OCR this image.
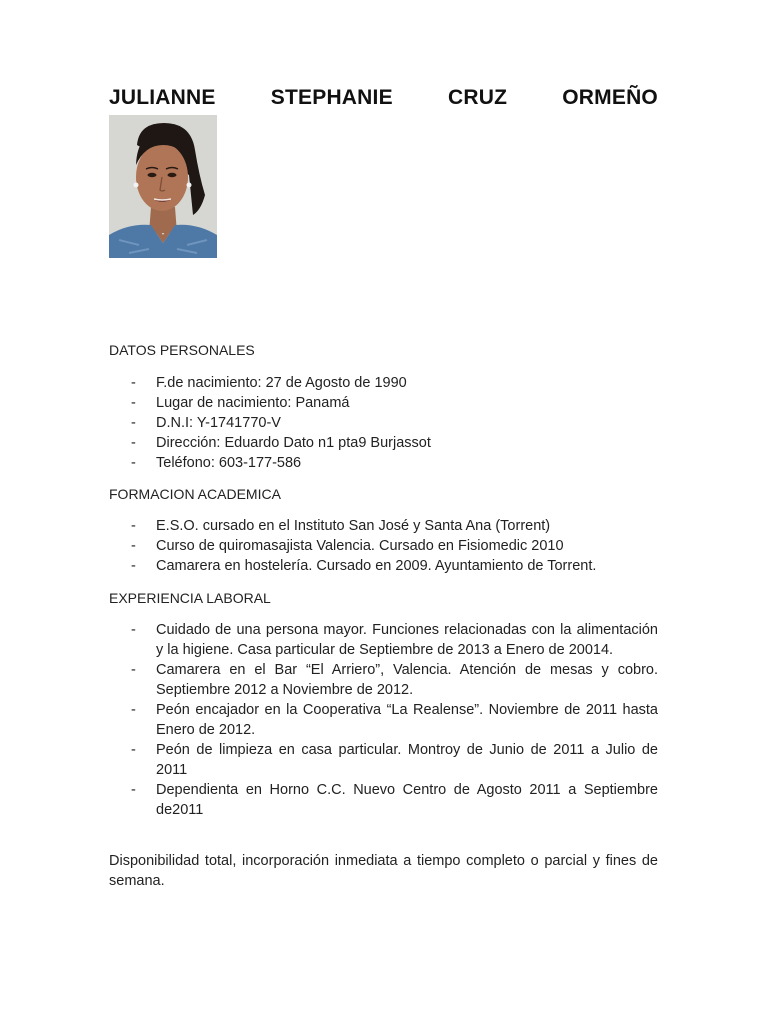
JULIANNE	STEPHANIE	CRUZ	ORMEÑO
DATOS PERSONALES
- F.de nacimiento: 27 de Agosto de 1990
- Lugar de nacimiento: Panamá
- D.N.I: Y-1741770-V
- Dirección: Eduardo Dato n1 pta9 Burjassot
- Teléfono: 603-177-586
FORMACION ACADEMICA
- E.S.O. cursado en el Instituto San José y Santa Ana (Torrent)
- Curso de quiromasajista Valencia. Cursado en Fisiomedic 2010
- Camarera en hostelería. Cursado en 2009. Ayuntamiento de Torrent.
EXPERIENCIA LABORAL
- Cuidado de una persona mayor. Funciones relacionadas con la alimentación y la higiene. Casa particular de Septiembre de 2013 a Enero de 20014.
- Camarera en el Bar “El Arriero”, Valencia. Atención de mesas y cobro. Septiembre 2012 a Noviembre de 2012.
- Peón encajador en la Cooperativa “La Realense”. Noviembre de 2011 hasta Enero de 2012.
- Peón de limpieza en casa particular. Montroy de Junio de 2011 a Julio de 2011
- Dependienta en Horno C.C. Nuevo Centro de Agosto 2011 a Septiembre de2011
Disponibilidad total, incorporación inmediata a tiempo completo o parcial y fines de semana.
